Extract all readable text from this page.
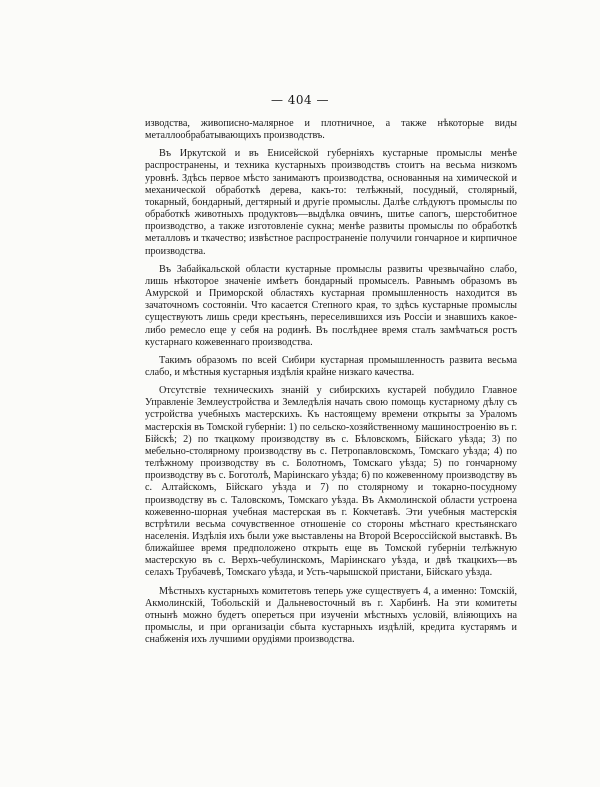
— 404 —

изводства, живописно-малярное и плотничное, а также нѣкоторые виды металлообрабатывающихъ производствъ.

Въ Иркутской и въ Енисейской губерніяхъ кустарные промыслы менѣе распространены, и техника кустарныхъ производствъ стоитъ на весьма низкомъ уровнѣ. Здѣсь первое мѣсто занимаютъ производства, основанныя на химической и механической обработкѣ дерева, какъ-то: телѣжный, посудный, столярный, токарный, бондарный, дегтярный и другіе промыслы. Далѣе слѣдуютъ промыслы по обработкѣ животныхъ продуктовъ—выдѣлка овчинъ, шитье сапогъ, шерстобитное производство, а также изготовленіе сукна; менѣе развиты промыслы по обработкѣ металловъ и ткачество; извѣстное распространеніе получили гончарное и кирпичное производства.

Въ Забайкальской области кустарные промыслы развиты чрезвычайно слабо, лишь нѣкоторое значеніе имѣетъ бондарный промыселъ. Равнымъ образомъ въ Амурской и Приморской областяхъ кустарная промышленность находится въ зачаточномъ состояніи. Что касается Степного края, то здѣсь кустарные промыслы существуютъ лишь среди крестьянъ, переселившихся изъ Россіи и знавшихъ какое-либо ремесло еще у себя на родинѣ. Въ послѣднее время сталъ замѣчаться ростъ кустарнаго кожевеннаго производства.

Такимъ образомъ по всей Сибири кустарная промышленность развита весьма слабо, и мѣстныя кустарныя издѣлія крайне низкаго качества.

Отсутствіе техническихъ знаній у сибирскихъ кустарей побудило Главное Управленіе Землеустройства и Земледѣлія начать свою помощь кустарному дѣлу съ устройства учебныхъ мастерскихъ. Къ настоящему времени открыты за Ураломъ мастерскія въ Томской губерніи: 1) по сельско-хозяйственному машиностроенію въ г. Бійскѣ; 2) по ткацкому производству въ с. Бѣловскомъ, Бійскаго уѣзда; 3) по мебельно-столярному производству въ с. Петропавловскомъ, Томскаго уѣзда; 4) по телѣжному производству въ с. Болотномъ, Томскаго уѣзда; 5) по гончарному производству въ с. Боготолѣ, Маріинскаго уѣзда; 6) по кожевенному производству въ с. Алтайскомъ, Бійскаго уѣзда и 7) по столярному и токарно-посудному производству въ с. Таловскомъ, Томскаго уѣзда. Въ Акмолинской области устроена кожевенно-шорная учебная мастерская въ г. Кокчетавѣ. Эти учебныя мастерскія встрѣтили весьма сочувственное отношеніе со стороны мѣстнаго крестьянскаго населенія. Издѣлія ихъ были уже выставлены на Второй Всероссійской выставкѣ. Въ ближайшее время предположено открыть еще въ Томской губерніи телѣжную мастерскую въ с. Верхъ-чебулинскомъ, Маріинскаго уѣзда, и двѣ ткацкихъ—въ селахъ Трубачевѣ, Томскаго уѣзда, и Усть-чарышской пристани, Бійскаго уѣзда.

Мѣстныхъ кустарныхъ комитетовъ теперь уже существуетъ 4, а именно: Томскій, Акмолинскій, Тобольскій и Дальневосточный въ г. Харбинѣ. На эти комитеты отнынѣ можно будетъ опереться при изученіи мѣстныхъ условій, вліяющихъ на промыслы, и при организаціи сбыта кустарныхъ издѣлій, кредита кустарямъ и снабженія ихъ лучшими орудіями производства.
